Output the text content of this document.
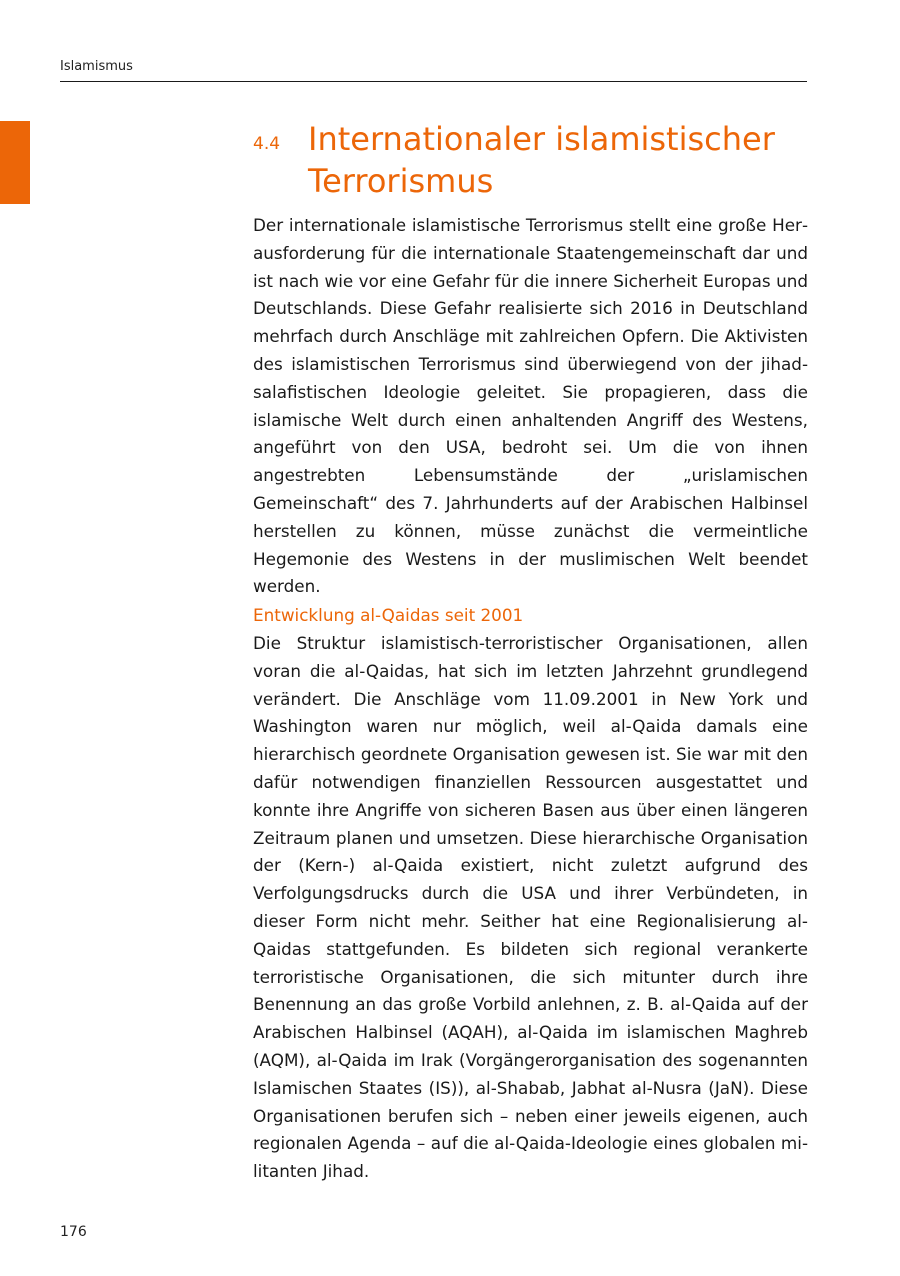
Islamismus
4.4 Internationaler islamistischer Terrorismus

Der internationale islamistische Terrorismus stellt eine große Herausforderung für die internationale Staatengemeinschaft dar und ist nach wie vor eine Gefahr für die innere Sicherheit Europas und Deutschlands. Diese Gefahr realisierte sich 2016 in Deutschland mehrfach durch Anschläge mit zahlreichen Opfern. Die Aktivisten des islamistischen Terrorismus sind überwiegend von der jihad-salafistischen Ideologie geleitet. Sie propagieren, dass die islamische Welt durch einen anhaltenden Angriff des Westens, angeführt von den USA, bedroht sei. Um die von ihnen angestrebten Lebensumstände der „urislamischen Gemeinschaft“ des 7. Jahrhunderts auf der Arabischen Halbinsel herstellen zu können, müsse zunächst die vermeintliche Hegemonie des Westens in der muslimischen Welt beendet werden.

Entwicklung al-Qaidas seit 2001

Die Struktur islamistisch-terroristischer Organisationen, allen voran die al-Qaidas, hat sich im letzten Jahrzehnt grundlegend verändert. Die Anschläge vom 11.09.2001 in New York und Washington waren nur möglich, weil al-Qaida damals eine hierarchisch geordnete Organisation gewesen ist. Sie war mit den dafür notwendigen finanziellen Ressourcen ausgestattet und konnte ihre Angriffe von sicheren Basen aus über einen längeren Zeitraum planen und umsetzen. Diese hierarchische Organisation der (Kern-) al-Qaida existiert, nicht zuletzt aufgrund des Verfolgungsdrucks durch die USA und ihrer Verbündeten, in dieser Form nicht mehr. Seither hat eine Regionalisierung al-Qaidas stattgefunden. Es bildeten sich regional verankerte terroristische Organisationen, die sich mitunter durch ihre Benennung an das große Vorbild anlehnen, z. B. al-Qaida auf der Arabischen Halbinsel (AQAH), al-Qaida im islamischen Maghreb (AQM), al-Qaida im Irak (Vorgängerorganisation des sogenannten Islamischen Staates (IS)), al-Shabab, Jabhat al-Nusra (JaN). Diese Organisationen berufen sich – neben einer jeweils eigenen, auch regionalen Agenda – auf die al-Qaida-Ideologie eines globalen militanten Jihad.

176
